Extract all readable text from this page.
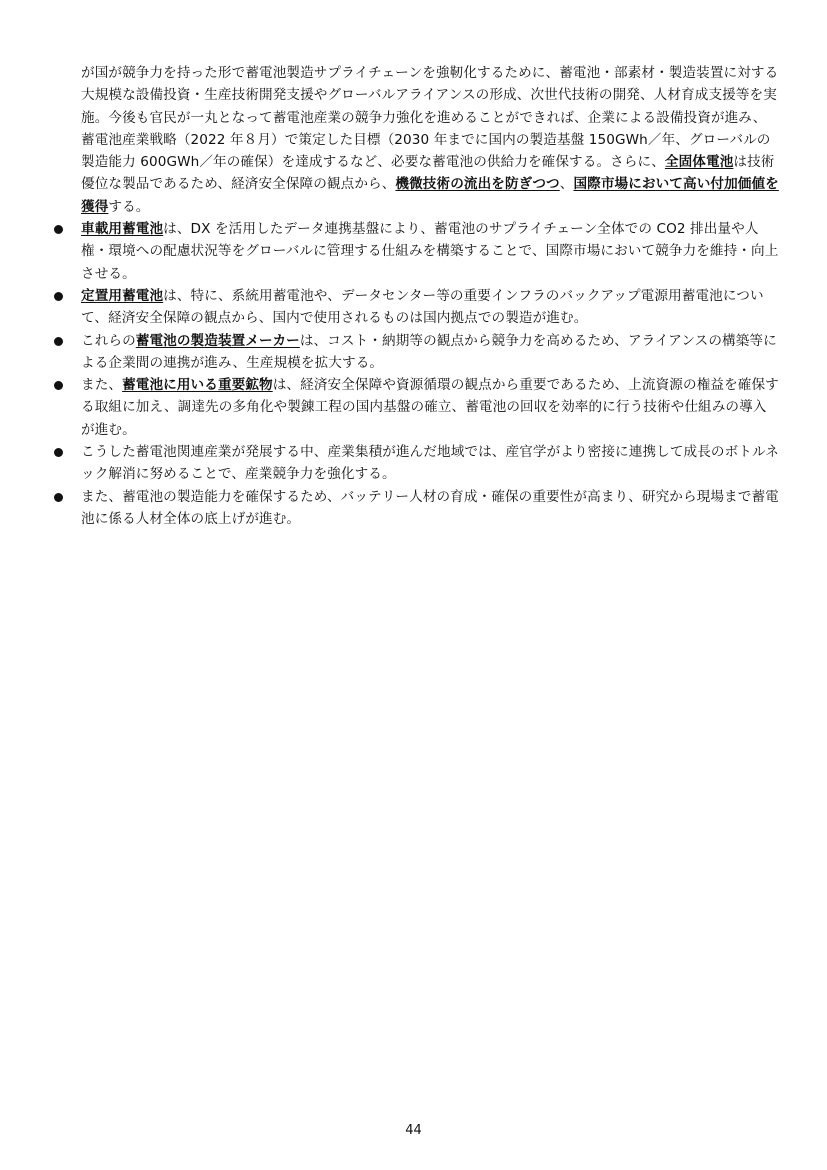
が国が競争力を持った形で蓄電池製造サプライチェーンを強靭化するために、蓄電池・部素材・製造装置に対する大規模な設備投資・生産技術開発支援やグローバルアライアンスの形成、次世代技術の開発、人材育成支援等を実施。今後も官民が一丸となって蓄電池産業の競争力強化を進めることができれば、企業による設備投資が進み、蓄電池産業戦略（2022 年８月）で策定した目標（2030 年までに国内の製造基盤 150GWh／年、グローバルの製造能力 600GWh／年の確保）を達成するなど、必要な蓄電池の供給力を確保する。さらに、全固体電池は技術優位な製品であるため、経済安全保障の観点から、機微技術の流出を防ぎつつ、国際市場において高い付加価値を獲得する。

車載用蓄電池は、DX を活用したデータ連携基盤により、蓄電池のサプライチェーン全体での CO2 排出量や人権・環境への配慮状況等をグローバルに管理する仕組みを構築することで、国際市場において競争力を維持・向上させる。
定置用蓄電池は、特に、系統用蓄電池や、データセンター等の重要インフラのバックアップ電源用蓄電池について、経済安全保障の観点から、国内で使用されるものは国内拠点での製造が進む。
これらの蓄電池の製造装置メーカーは、コスト・納期等の観点から競争力を高めるため、アライアンスの構築等による企業間の連携が進み、生産規模を拡大する。
また、蓄電池に用いる重要鉱物は、経済安全保障や資源循環の観点から重要であるため、上流資源の権益を確保する取組に加え、調達先の多角化や製錬工程の国内基盤の確立、蓄電池の回収を効率的に行う技術や仕組みの導入が進む。
こうした蓄電池関連産業が発展する中、産業集積が進んだ地域では、産官学がより密接に連携して成長のボトルネック解消に努めることで、産業競争力を強化する。
また、蓄電池の製造能力を確保するため、バッテリー人材の育成・確保の重要性が高まり、研究から現場まで蓄電池に係る人材全体の底上げが進む。
44
